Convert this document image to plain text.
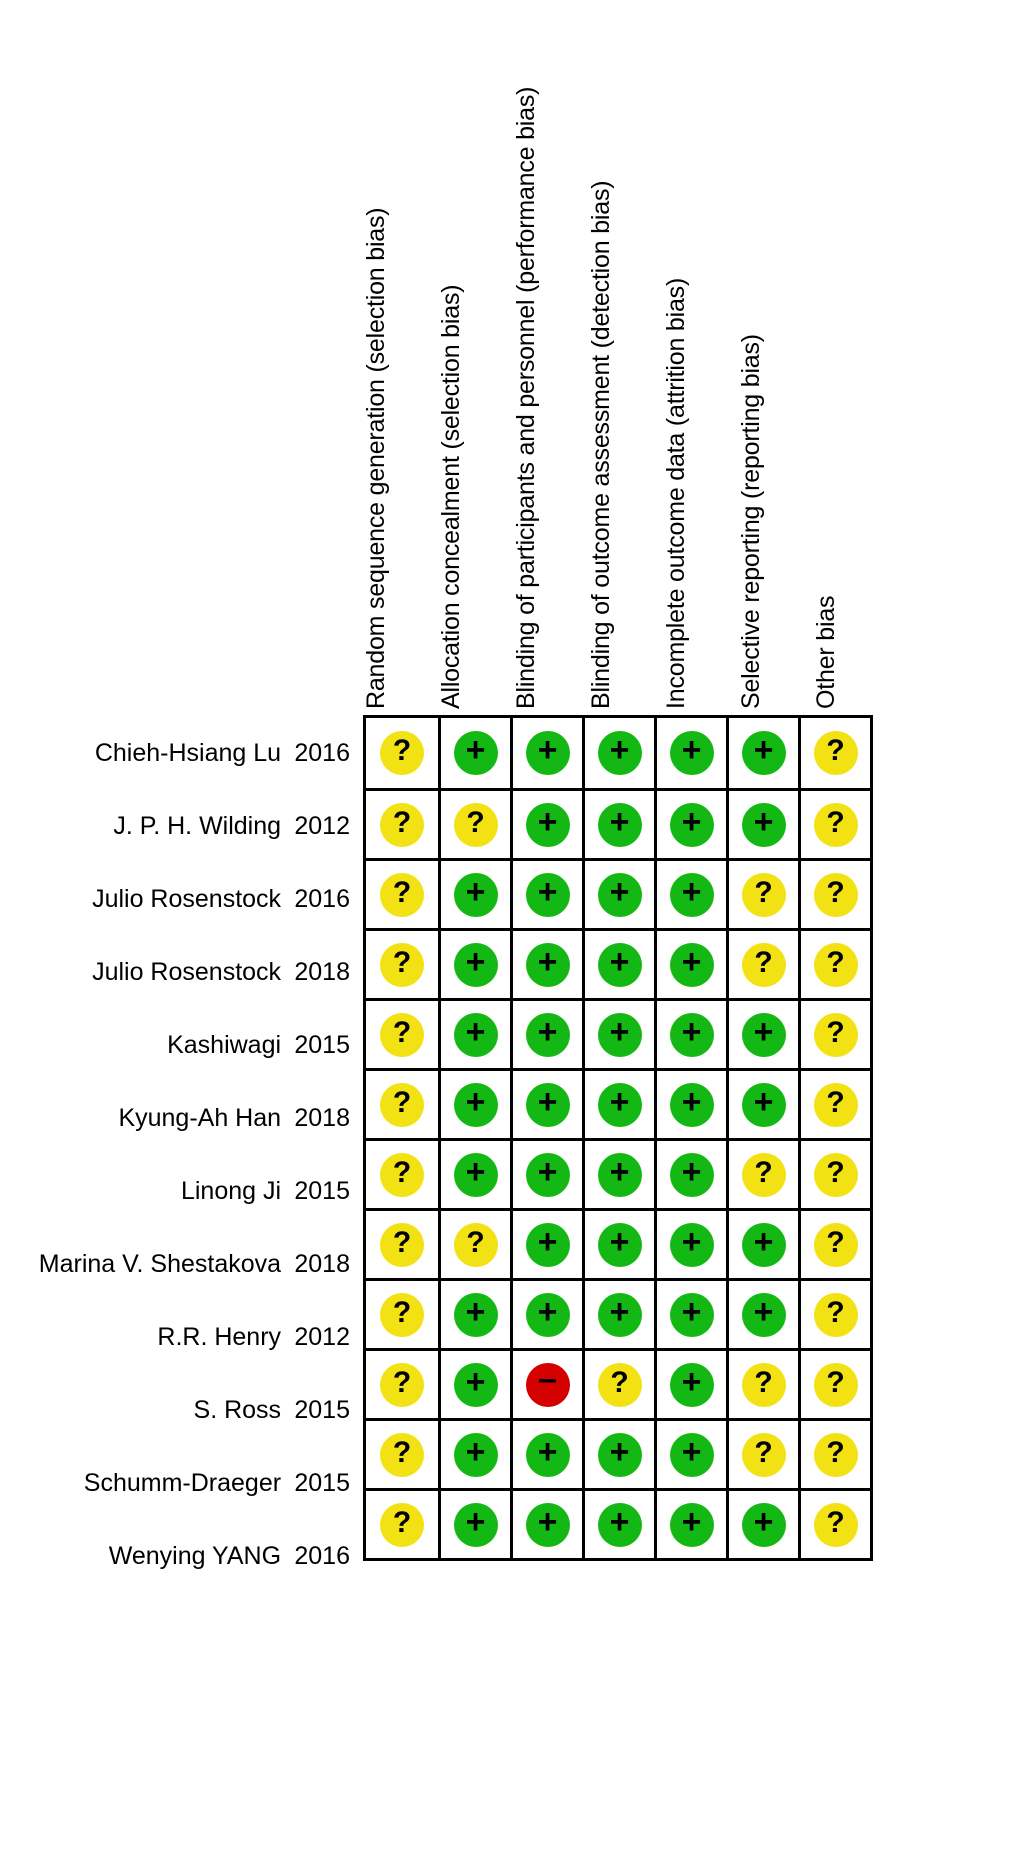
Random sequence generation (selection bias) Allocation concealment (selection bias) Blinding of participants and personnel (performance bias) Blinding of outcome assessment (detection bias) Incomplete outcome data (attrition bias) Selective reporting (reporting bias) Other bias
Chieh-Hsiang Lu
2016
J. P. H. Wilding
2012
Julio Rosenstock
2016
Julio Rosenstock
2018
Kashiwagi
2015
Kyung-Ah Han
2018
Linong Ji
2015
Marina V. Shestakova
2018
R.R. Henry
2012
S. Ross
2015
Schumm-Draeger
2015
Wenying YANG
2016
? + + + + + ?
? ? + + + + ?
? + + + + ? ?
? + + + + ? ?
? + + + + + ?
? + + + + + ?
? + + + + ? ?
? ? + + + + ?
? + + + + + ?
? + – ? + ? ?
? + + + + ? ?
? + + + + + ?
